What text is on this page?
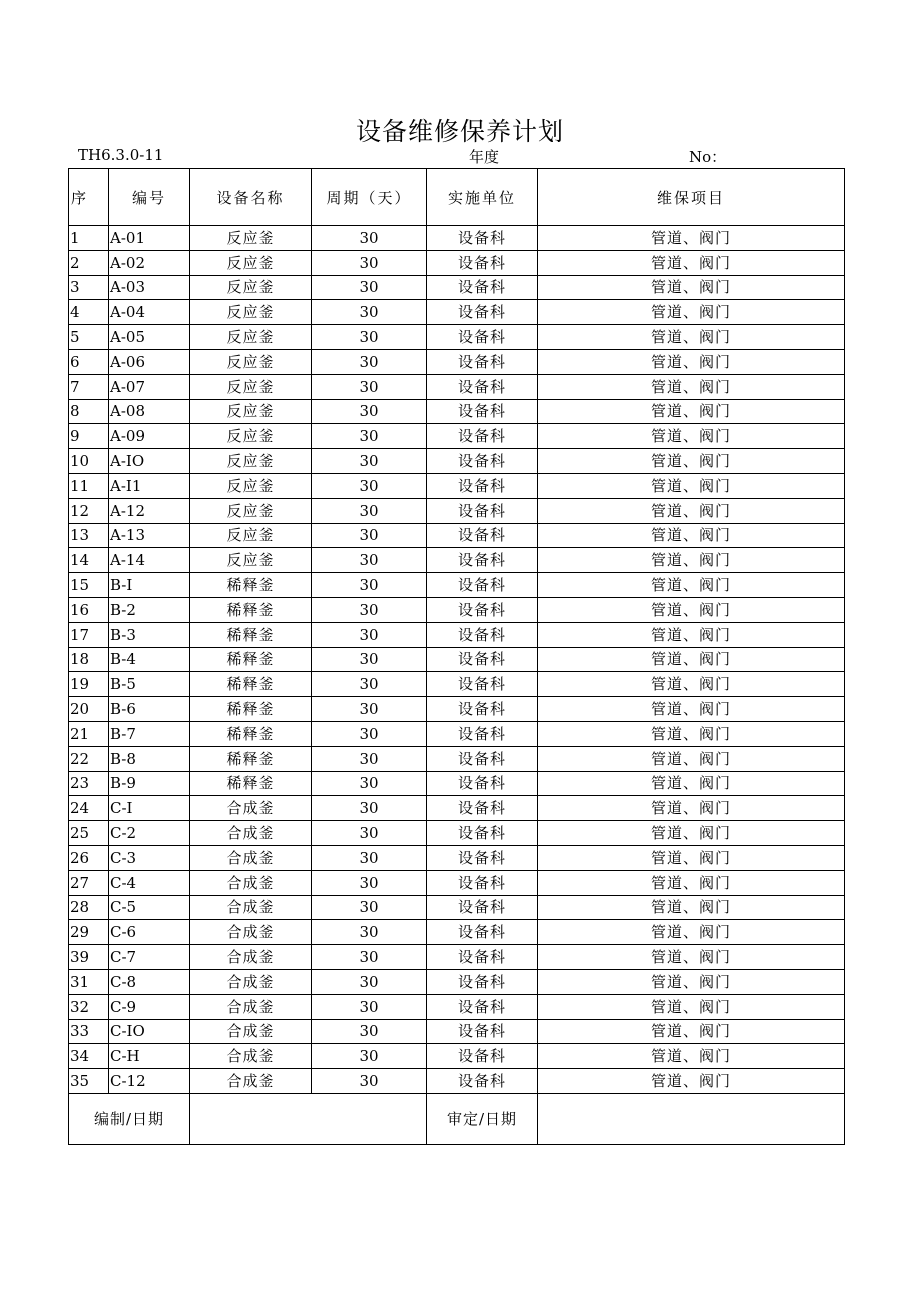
设备维修保养计划
TH6.3.0-11	年度	No：
序	编号	设备名称	周期（天）	实施单位	维保项目
1	A-01	反应釜	30	设备科	管道、阀门
2	A-02	反应釜	30	设备科	管道、阀门
3	A-03	反应釜	30	设备科	管道、阀门
4	A-04	反应釜	30	设备科	管道、阀门
5	A-05	反应釜	30	设备科	管道、阀门
6	A-06	反应釜	30	设备科	管道、阀门
7	A-07	反应釜	30	设备科	管道、阀门
8	A-08	反应釜	30	设备科	管道、阀门
9	A-09	反应釜	30	设备科	管道、阀门
10	A-IO	反应釜	30	设备科	管道、阀门
11	A-I1	反应釜	30	设备科	管道、阀门
12	A-12	反应釜	30	设备科	管道、阀门
13	A-13	反应釜	30	设备科	管道、阀门
14	A-14	反应釜	30	设备科	管道、阀门
15	B-I	稀释釜	30	设备科	管道、阀门
16	B-2	稀释釜	30	设备科	管道、阀门
17	B-3	稀释釜	30	设备科	管道、阀门
18	B-4	稀释釜	30	设备科	管道、阀门
19	B-5	稀释釜	30	设备科	管道、阀门
20	B-6	稀释釜	30	设备科	管道、阀门
21	B-7	稀释釜	30	设备科	管道、阀门
22	B-8	稀释釜	30	设备科	管道、阀门
23	B-9	稀释釜	30	设备科	管道、阀门
24	C-I	合成釜	30	设备科	管道、阀门
25	C-2	合成釜	30	设备科	管道、阀门
26	C-3	合成釜	30	设备科	管道、阀门
27	C-4	合成釜	30	设备科	管道、阀门
28	C-5	合成釜	30	设备科	管道、阀门
29	C-6	合成釜	30	设备科	管道、阀门
39	C-7	合成釜	30	设备科	管道、阀门
31	C-8	合成釜	30	设备科	管道、阀门
32	C-9	合成釜	30	设备科	管道、阀门
33	C-IO	合成釜	30	设备科	管道、阀门
34	C-H	合成釜	30	设备科	管道、阀门
35	C-12	合成釜	30	设备科	管道、阀门
编制/日期				审定/日期	
